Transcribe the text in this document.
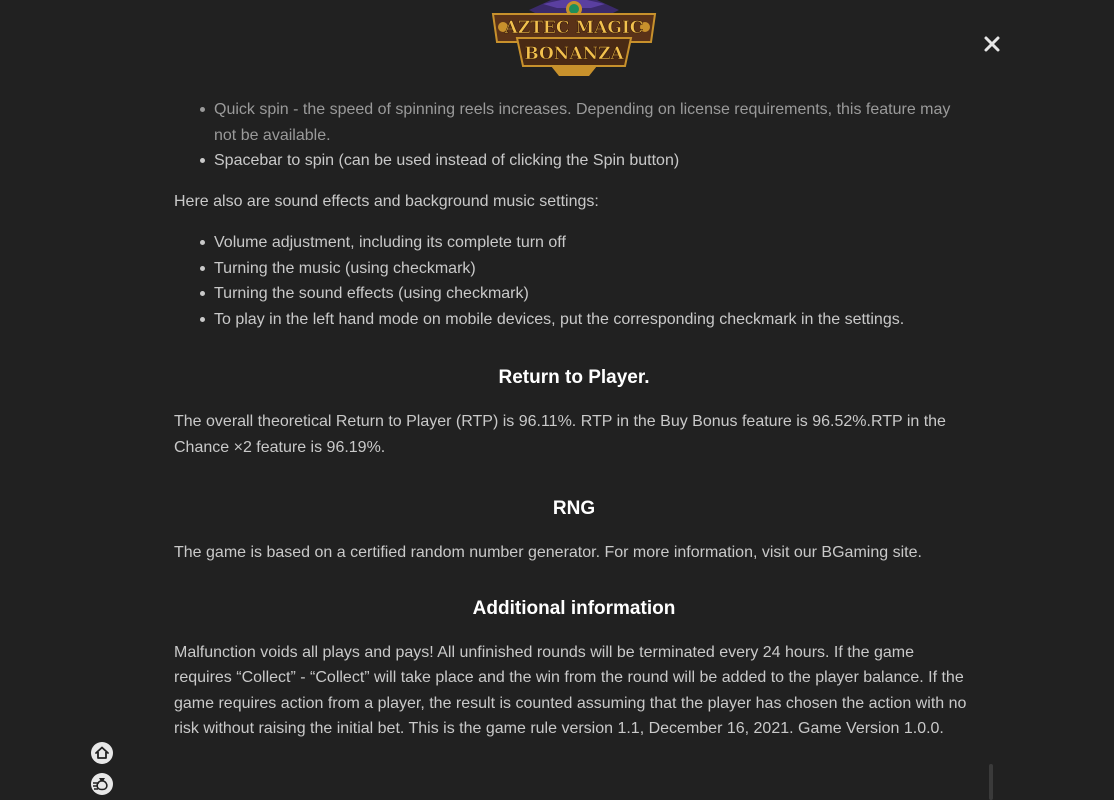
AZTEC MAGIC
BONANZA
Quick spin - the speed of spinning reels increases. Depending on license requirements, this feature may not be available.
Spacebar to spin (can be used instead of clicking the Spin button)

Here also are sound effects and background music settings:

Volume adjustment, including its complete turn off
Turning the music (using checkmark)
Turning the sound effects (using checkmark)
To play in the left hand mode on mobile devices, put the corresponding checkmark in the settings.
Return to Player.

The overall theoretical Return to Player (RTP) is 96.11%. RTP in the Buy Bonus feature is 96.52%.RTP in the Chance ×2 feature is 96.19%.

RNG

The game is based on a certified random number generator. For more information, visit our BGaming site.

Additional information

Malfunction voids all plays and pays! All unfinished rounds will be terminated every 24 hours. If the game requires “Collect” - “Collect” will take place and the win from the round will be added to the player balance. If the game requires action from a player, the result is counted assuming that the player has chosen the action with no risk without raising the initial bet. This is the game rule version 1.1, December 16, 2021. Game Version 1.0.0.
